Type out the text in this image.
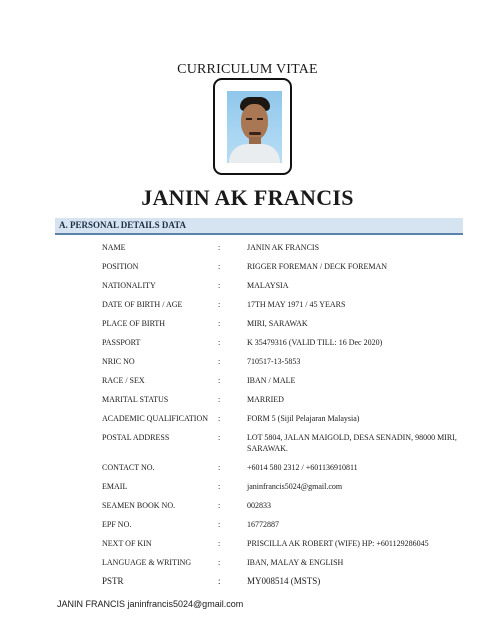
CURRICULUM VITAE
JANIN AK FRANCIS
A. PERSONAL DETAILS DATA
NAME	:	JANIN AK FRANCIS
POSITION	:	RIGGER FOREMAN / DECK FOREMAN
NATIONALITY	:	MALAYSIA
DATE OF BIRTH / AGE	:	17TH MAY 1971 / 45 YEARS
PLACE OF BIRTH	:	MIRI, SARAWAK
PASSPORT	:	K 35479316 (VALID TILL: 16 Dec 2020)
NRIC NO	:	710517-13-5853
RACE / SEX	:	IBAN / MALE
MARITAL STATUS	:	MARRIED
ACADEMIC QUALIFICATION :	FORM 5 (Sijil Pelajaran Malaysia)
POSTAL ADDRESS	:	LOT 5804, JALAN MAIGOLD, DESA SENADIN, 98000 MIRI, SARAWAK.
CONTACT NO.	:	+6014 580 2312 / +601136910811
EMAIL	:	janinfrancis5024@gmail.com
SEAMEN BOOK NO.	:	002833
EPF NO.	:	16772887
NEXT OF KIN	:	PRISCILLA AK ROBERT (WIFE) HP: +601129286045
LANGUAGE & WRITING	:	IBAN, MALAY & ENGLISH
PSTR	:	MY008514 (MSTS)
JANIN FRANCIS janinfrancis5024@gmail.com
